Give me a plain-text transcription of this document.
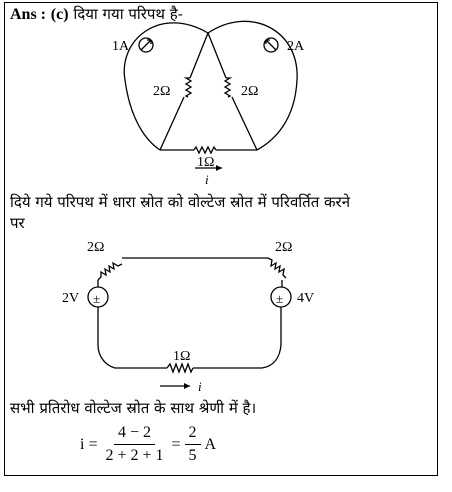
Ans : (c) दिया गया परिपथ है-
1A	2A
2Ω	2Ω
1Ω
i
दिये गये परिपथ में धारा स्रोत को वोल्टेज स्रोत में परिवर्तित करने
पर
±	±
2Ω	2Ω
2V	4V
1Ω
i
सभी प्रतिरोध वोल्टेज स्रोत के साथ श्रेणी में है।
$i = \frac{4 - 2}{2 + 2 + 1} = \frac{2}{5}$ A
